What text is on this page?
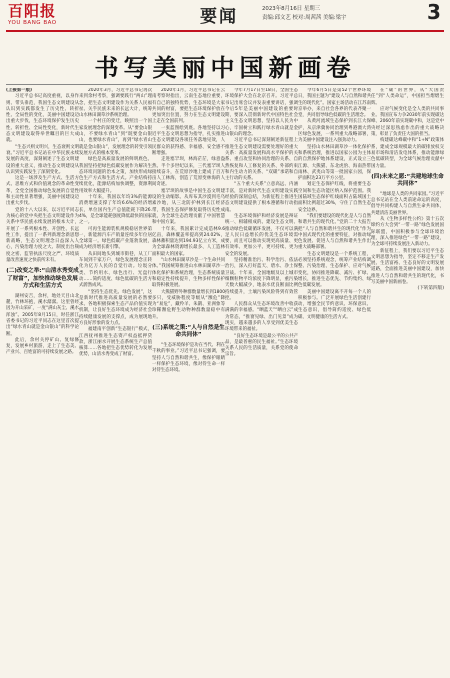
百阳报
YOU BANG BAO	要闻	2023年8月16日 星期三
责编:邱文艺 校对:周茜茜 美编:梁宇	3
书写美丽中国新画卷

(上接第一版)

习近平总书记高度重视，以身作则、带头垂范，我国生态文明建设从认识到实践都发生了历史性、转折性、全局性的变化，美丽中国建设迈出重大步伐，生态环境保护发生历史性、转折性、全局性变化，新时代生态文明建设取得举世瞩目的巨大成就。

“生态兴则文明兴，生态衰则文明衰。”习近平总书记站在中华民族永续发展的高度，深刻阐述了生态文明建设的重大意义，推动生态文明建设从认识到实践发生了深刻变化。

这是一场涉及生产方式、生活方式、思维方式和价值观念的革命性变革，全党全国推动绿色发展的自觉性和主动性显著增强，美丽中国建设迈出重大步伐。

党的十八大以来，以习近平同志为核心的党中央把生态文明建设作为关系中华民族永续发展的根本大计，开展了一系列根本性、开创性、长远性工作，提出了一系列新理念新思想新战略，生态文明理念日益深入人心，污染治理力度之大、制度出台频度之密、监管执法尺度之严、环境质量改善速度之快前所未有。

(二)改变之举:“山清水秀变成了财富”，加快推动绿色发展方式和生活方式

湖州安吉，余村，地处天目山北麓，竹林环抱，溪水潺潺。这里曾经因为开山采矿，一度“满山灰尘、溪水浑浊”。2005年8月15日，时任浙江省委书记的习近平同志在这里首次提出“绿水青山就是金山银山”的科学论断。

此后，余村关停矿山、复绿修复，发展乡村旅游，走上了生态美、产业兴、百姓富的可持续发展之路。

2020年3月，习近平总书记再次来到余村考察，强调要践行“两山”理念，把生态文明建设作为关系人民福祉、关乎民族未来的长远大计，统筹山水林田湖草沙系统治理。

一个村庄的变迁，映照出一个国家发展理念的深刻变革。从“要金山银山，不要绿水青山”到“既要金山银山，也要绿水青山”，再到“绿水青山就是金山银山”，发展理念的转变引领发展方式的根本变革。

绿色是高质量发展的鲜明底色。我国坚持把绿色低碳发展作为解决生态环境问题的治本之策，加快形成绿色生产方式和生活方式。产业结构持续优化，能源结构加快调整，资源利用效率大幅提升。

十年来，我国以年均3%的能源消费增速支撑了年均6.6%的经济增长，单位国内生产总值能耗下降26.4%，是全球能耗强度降低最快的国家之一。

可再生能源装机规模稳居世界第一，新能源汽车产销量连续多年位居全球第一。绿色低碳产业蓬勃发展，成为经济增长新引擎。

从田间地头到城市街巷，从工厂车间到千家万户，绿色发展理念正转化为亿万人民的自觉行动。垃圾分类、节约用水、绿色出行、光盘行动……简约适度、绿色低碳的生活方式蔚然成风。

“坚持生态优先、绿色发展”，这是新时代推进高质量发展的必然要求。各地积极探索生态产品价值实现机制，让良好生态环境成为经济社会持续健康发展的支撑点，成为展现地方良好形象的发力点。

福建南平创新“生态银行”模式，江西抚州推进生态资产权益抵押贷款，浙江丽水开展生态系统生产总值核算……各地把生态优势转化为发展优势，山清水秀变成了财富。

2020年1月，习近平总书记在云南考察时指出，云南生态地位重要，有自己的独特优势，生态环境是大家共同的财富，要把生态环境保护放在更加突出位置，努力在生态文明建设上走在全国前列。

一张蓝图绘到底。各地坚持以习近平生态文明思想为指导，扎实推进生态文明建设各项任务落地见效，人民群众的获得感、幸福感、安全感不断增强。

走进塞罕坝，林海茫茫，绿意盎然。半个多世纪以来，三代塞罕坝人接续奋斗，在荒原沙地上建成了百万亩人工林海，创造了荒原变林海的人间奇迹。

塞罕坝的故事是中国生态文明建设的生动缩影。从库布其沙漠到毛乌素沙地，从三北防护林到长江经济带，我国生态保护修复取得历史性成就，为全球生态治理贡献了中国智慧和中国方案。

十年来，我国累计完成造林9.6亿亩，森林覆盖率提高到24.02%，森林蓄积量达到194.93亿立方米，成为全球森林资源增长最多、人工造林面积最大的国家。

“山水林田湖草沙是一个生命共同体。”我国统筹推进山水林田湖草沙一体化保护和系统治理，生态系统质量和稳定性持续提升，生物多样性保护取得积极进展。

大熊猫野外种群数量增长到1800多只，受威胁程度等级从“濒危”降为“易危”，藏羚羊、朱鹮、亚洲象等珍稀濒危野生动物种群数量稳中有升。

(三)系统之策:“人与自然是生命共同体”

“生态环境保护是功在当代、利在千秋的事业。”习近平总书记强调，要坚持人与自然和谐共生，像保护眼睛一样保护生态环境，像对待生命一样对待生态环境。

今年7月17日至18日，全国生态环境保护大会在北京召开。习近平总书记出席会议并发表重要讲话，强调今后5年是美丽中国建设的重要时期，要深入贯彻新时代中国特色社会主义生态文明思想，坚持以人民为中心，牢固树立和践行绿水青山就是金山银山的理念。

习近平总书记深刻阐述新征程上推进生态文明建设需要处理好的重大关系：高质量发展和高水平保护的关系、重点攻坚和协同治理的关系、自然恢复和人工修复的关系、外部约束和内生动力的关系、“双碳”承诺和自主行动的关系。

“五个重大关系”立意高远、内涵丰富，是对新时代生态文明建设实践经验的深刻总结，为新征程上推进生态文明建设提供了根本遵循和行动指南。

生态环境保护和经济发展是辩证统一、相辅相成的。建设生态文明、推动绿色低碳循环发展，不仅可以满足人民日益增长的优美生态环境需要，而且可以推动实现更高质量、更有效率、更加公平、更可持续、更为安全的发展。

坚持精准治污、科学治污、依法治污，深入打好蓝天、碧水、净土保卫战。十年来，全国地级及以上城市细颗粒物平均浓度下降明显，重污染天数大幅减少，地表水优良断面比例持续提升，土壤污染风险得到有效管控。

人民群众从生态环境改善中收获满满的幸福感。“晒蓝天”“晒白云”成为常态，“推窗见绿、出门见景”成为现实，越来越多的人享受到优美生态环境带来的福祉。

“良好生态环境是最公平的公共产品，是最普惠的民生福祉。”生态环境关系人民的生活质量，关系党的使命宗旨。

今年6月5日是第52个世界环境日，我国主题为“建设人与自然和谐共生的现代化”。国家主场活动在江苏南京举办，来自社会各界的代表齐聚一堂，共同倡导绿色低碳的生活理念。

从黄河流域生态保护到长江大保护，从京津冀协同治理到粤港澳大湾区绿色发展，一系列重大战略部署，为美丽中国建设注入强劲动力。

坚持山水林田湖草沙一体化保护和系统治理，推进以国家公园为主体的自然保护地体系建设，正式设立三江源、大熊猫、东北虎豹、海南热带雨林、武夷山等第一批国家公园，保护面积达23万平方公里。

划定生态保护红线，将重要生态空间和生态功能区纳入保护范围。我国陆域生态保护红线面积占陆域国土面积比例超过30%，守住了自然生态安全边界。

“我们要建设的现代化是人与自然和谐共生的现代化。”党的二十大报告把“人与自然和谐共生的现代化”作为中国式现代化的重要特征，对推动绿色发展、促进人与自然和谐共生作出重大战略部署。

生态文明建设是一个系统工程，必须坚持系统观念，统筹产业结构调整、污染治理、生态保护、应对气候变化，协同推进降碳、减污、扩绿、增长，推进生态优先、节约集约、绿色低碳发展。

美丽中国建设离不开每一个人的积极参与。广泛开展绿色生活创建行动，增强全民节约意识、环保意识、生态意识，倡导简约适度、绿色低碳、文明健康的生活方式。

在“碳”的世界，从“大国责任”到“人类命运”，中国担当熠熠生辉。

应对气候变化是全人类的共同事业。我国宣布力争2030年前实现碳达峰、2060年前实现碳中和，这是党中央经过深思熟虑作出的重大战略决策，彰显了负责任大国的担当。

构建碳达峰碳中和“1+N”政策体系，建成全球规模最大的碳排放权交易市场和清洁发电体系，推动能源绿色低碳转型，为全球气候治理贡献中国力量。

(四)未来之愿:“共建地球生命共同体”

“地球是人类的共同家园。”习近平总书记站在全人类前途命运的高度，倡导共同构建人与自然生命共同体，共建清洁美丽世界。

从《生物多样性公约》第十五次缔约方大会到“一带一路”绿色发展国际联盟，中国积极参与全球环境治理，深入推进绿色“一带一路”建设，为全球可持续发展注入新动力。

新征程上，我们要以习近平生态文明思想为指导，坚定不移走生产发展、生活富裕、生态良好的文明发展道路，全面推进美丽中国建设，加快推进人与自然和谐共生的现代化，书写美丽中国新画卷。

(下转第四版)
